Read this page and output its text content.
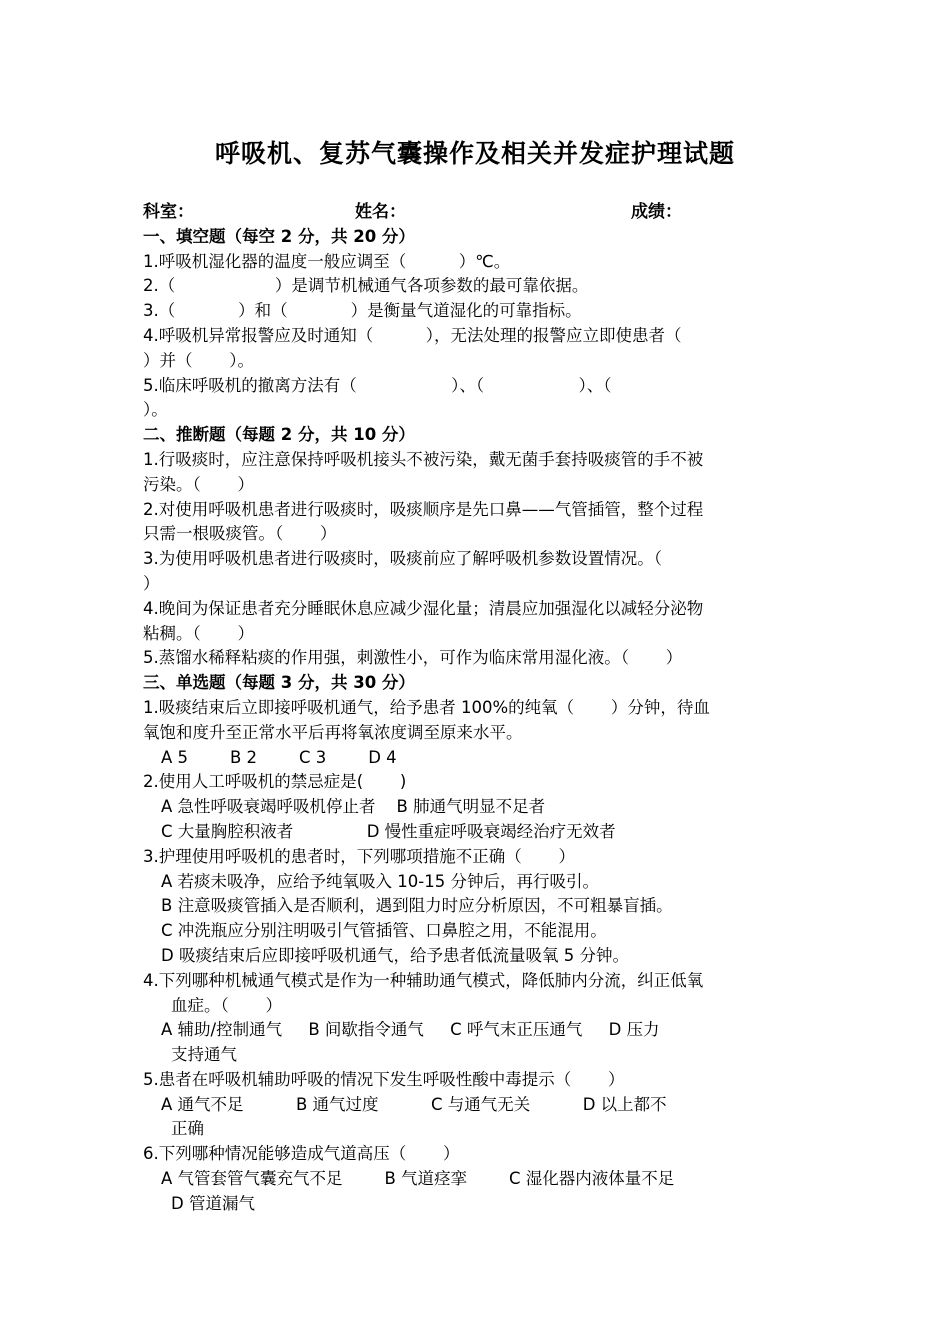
呼吸机、复苏气囊操作及相关并发症护理试题
科室：	姓名：	成绩：
一、填空题（每空 2 分，共 20 分）
1.呼吸机湿化器的温度一般应调至（          ）℃。
2.（                   ）是调节机械通气各项参数的最可靠依据。
3.（            ）和（            ）是衡量气道湿化的可靠指标。
4.呼吸机异常报警应及时通知（          ），无法处理的报警应立即使患者（
）并（       ）。
5.临床呼吸机的撤离方法有（                  ）、（                  ）、（
）。
二、推断题（每题 2 分，共 10 分）
1.行吸痰时，应注意保持呼吸机接头不被污染，戴无菌手套持吸痰管的手不被
污染。（       ）
2.对使用呼吸机患者进行吸痰时，吸痰顺序是先口鼻——气管插管，整个过程
只需一根吸痰管。（       ）
3.为使用呼吸机患者进行吸痰时，吸痰前应了解呼吸机参数设置情况。（
）
4.晚间为保证患者充分睡眠休息应减少湿化量；清晨应加强湿化以减轻分泌物
粘稠。（       ）
5.蒸馏水稀释粘痰的作用强，刺激性小，可作为临床常用湿化液。（       ）
三、单选题（每题 3 分，共 30 分）
1.吸痰结束后立即接呼吸机通气，给予患者 100%的纯氧（       ）分钟，待血
氧饱和度升至正常水平后再将氧浓度调至原来水平。
A 5        B 2        C 3        D 4
2.使用人工呼吸机的禁忌症是(       )
A 急性呼吸衰竭呼吸机停止者    B 肺通气明显不足者
C 大量胸腔积液者              D 慢性重症呼吸衰竭经治疗无效者
3.护理使用呼吸机的患者时，下列哪项措施不正确（       ）
A 若痰未吸净，应给予纯氧吸入 10-15 分钟后，再行吸引。
B 注意吸痰管插入是否顺利，遇到阻力时应分析原因，不可粗暴盲插。
C 冲洗瓶应分别注明吸引气管插管、口鼻腔之用，不能混用。
D 吸痰结束后应即接呼吸机通气，给予患者低流量吸氧 5 分钟。
4.下列哪种机械通气模式是作为一种辅助通气模式，降低肺内分流，纠正低氧
血症。（       ）
A 辅助/控制通气     B 间歇指令通气     C 呼气末正压通气     D 压力
支持通气
5.患者在呼吸机辅助呼吸的情况下发生呼吸性酸中毒提示（       ）
A 通气不足          B 通气过度          C 与通气无关          D 以上都不
正确
6.下列哪种情况能够造成气道高压（       ）
A 气管套管气囊充气不足        B 气道痉挛        C 湿化器内液体量不足
D 管道漏气
